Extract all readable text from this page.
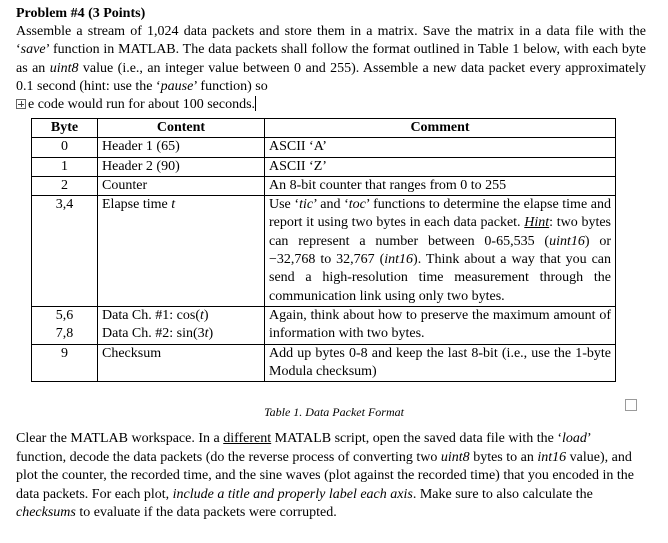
Problem #4 (3 Points)

Assemble a stream of 1,024 data packets and store them in a matrix. Save the matrix in a data file with the ‘save’ function in MATLAB. The data packets shall follow the format outlined in Table 1 below, with each byte as an uint8 value (i.e., an integer value between 0 and 255). Assemble a new data packet every approximately 0.1 second (hint: use the ‘pause’ function) so
e code would run for about 100 seconds.

Byte	Content	Comment
0	Header 1 (65)	ASCII ‘A’
1	Header 2 (90)	ASCII ‘Z’
2	Counter	An 8-bit counter that ranges from 0 to 255
3,4	Elapse time t	Use ‘tic’ and ‘toc’ functions to determine the elapse time and report it using two bytes in each data packet. Hint: two bytes can represent a number between 0-65,535 (uint16) or −32,768 to 32,767 (int16). Think about a way that you can send a high-resolution time measurement through the communication link using only two bytes.
5,6	Data Ch. #1: cos(t)	Again, think about how to preserve the maximum amount of information with two bytes.
7,8	Data Ch. #2: sin(3t)	
9	Checksum	Add up bytes 0-8 and keep the last 8-bit (i.e., use the 1-byte Modula checksum)
Table 1. Data Packet Format
Clear the MATLAB workspace. In a different MATALB script, open the saved data file with the ‘load’ function, decode the data packets (do the reverse process of converting two uint8 bytes to an int16 value), and plot the counter, the recorded time, and the sine waves (plot against the recorded time) that you encoded in the data packets. For each plot, include a title and properly label each axis. Make sure to also calculate the checksums to evaluate if the data packets were corrupted.
